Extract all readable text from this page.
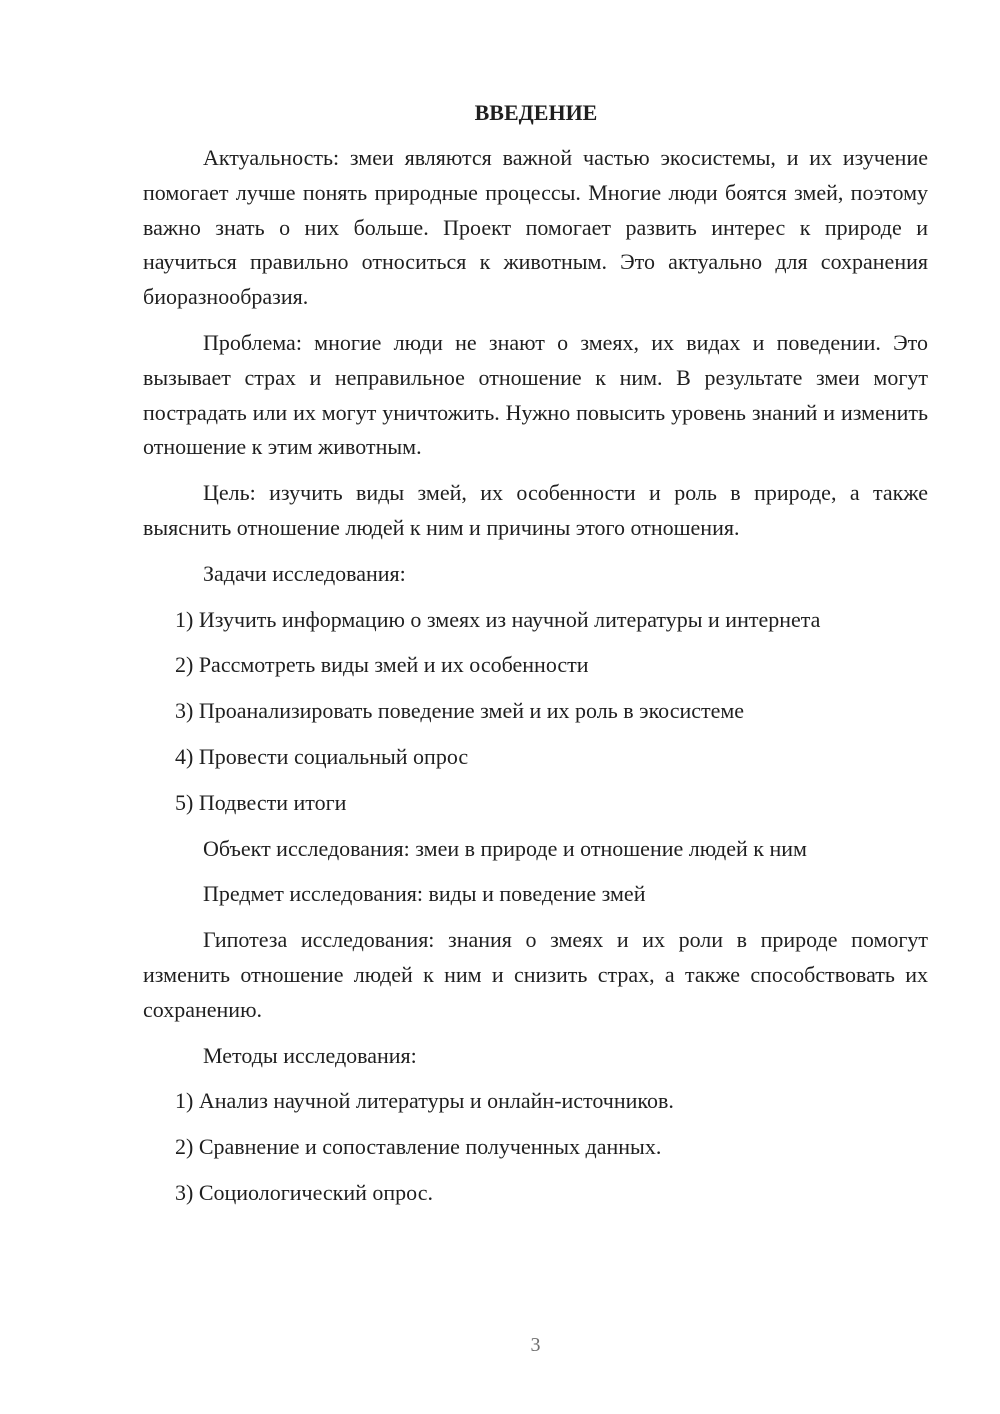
ВВЕДЕНИЕ

Актуальность: змеи являются важной частью экосистемы, и их изучение помогает лучше понять природные процессы. Многие люди боятся змей, поэтому важно знать о них больше. Проект помогает развить интерес к природе и научиться правильно относиться к животным. Это актуально для сохранения биоразнообразия.

Проблема: многие люди не знают о змеях, их видах и поведении. Это вызывает страх и неправильное отношение к ним. В результате змеи могут пострадать или их могут уничтожить. Нужно повысить уровень знаний и изменить отношение к этим животным.

Цель: изучить виды змей, их особенности и роль в природе, а также выяснить отношение людей к ним и причины этого отношения.

Задачи исследования:
1) Изучить информацию о змеях из научной литературы и интернета
2) Рассмотреть виды змей и их особенности
3) Проанализировать поведение змей и их роль в экосистеме
4) Провести социальный опрос
5) Подвести итоги
Объект исследования: змеи в природе и отношение людей к ним
Предмет исследования: виды и поведение змей

Гипотеза исследования: знания о змеях и их роли в природе помогут изменить отношение людей к ним и снизить страх, а также способствовать их сохранению.

Методы исследования:
1) Анализ научной литературы и онлайн-источников.
2) Сравнение и сопоставление полученных данных.
3) Социологический опрос.
3
